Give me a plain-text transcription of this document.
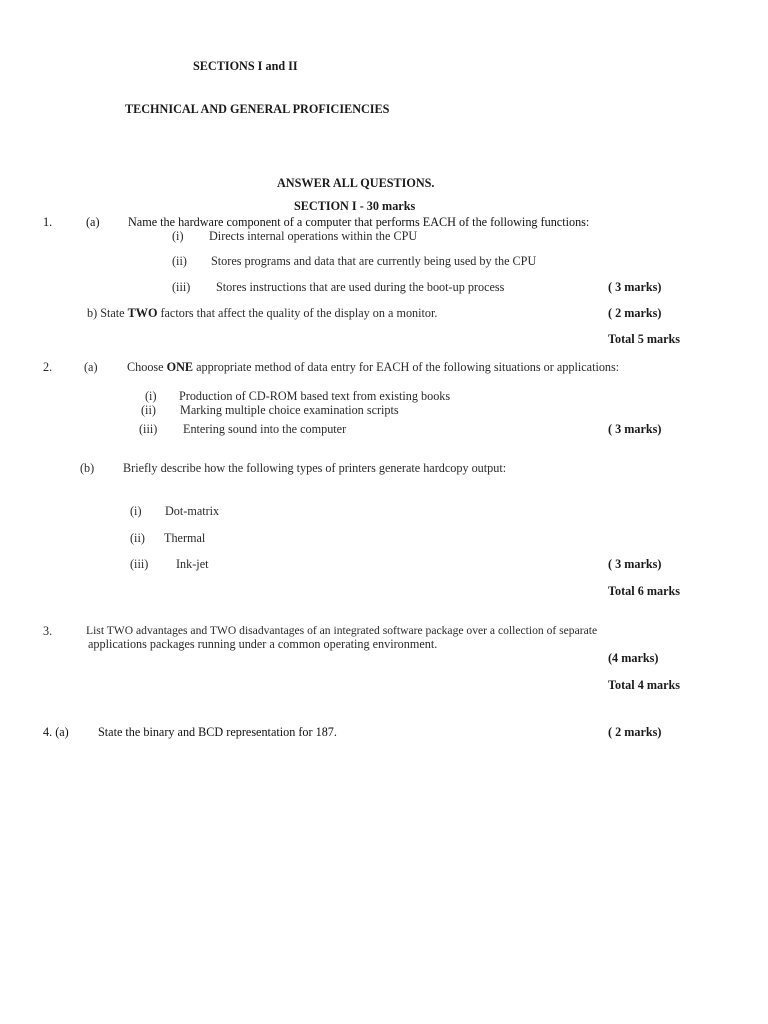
SECTIONS I and II
TECHNICAL AND GENERAL PROFICIENCIES
ANSWER ALL QUESTIONS.
SECTION I - 30 marks
1.	(a) Name the hardware component of a computer that performs EACH of the following functions:
(i) Directs internal operations within the CPU
(ii) Stores programs and data that are currently being used by the CPU
(iii) Stores instructions that are used during the boot-up process	( 3 marks)
b) State TWO factors that affect the quality of the display on a monitor.	( 2 marks)
Total 5 marks
2.	(a) Choose ONE appropriate method of data entry for EACH of the following situations or applications:
(i) Production of CD-ROM based text from existing books
(ii) Marking multiple choice examination scripts
(iii) Entering sound into the computer	( 3 marks)
(b) Briefly describe how the following types of printers generate hardcopy output:
(i) Dot-matrix
(ii) Thermal
(iii) Ink-jet	( 3 marks)
Total 6 marks
3.	List TWO advantages and TWO disadvantages of an integrated software package over a collection of separate
applications packages running under a common operating environment.
(4 marks)
Total 4 marks
4. (a) State the binary and BCD representation for 187.	( 2 marks)
